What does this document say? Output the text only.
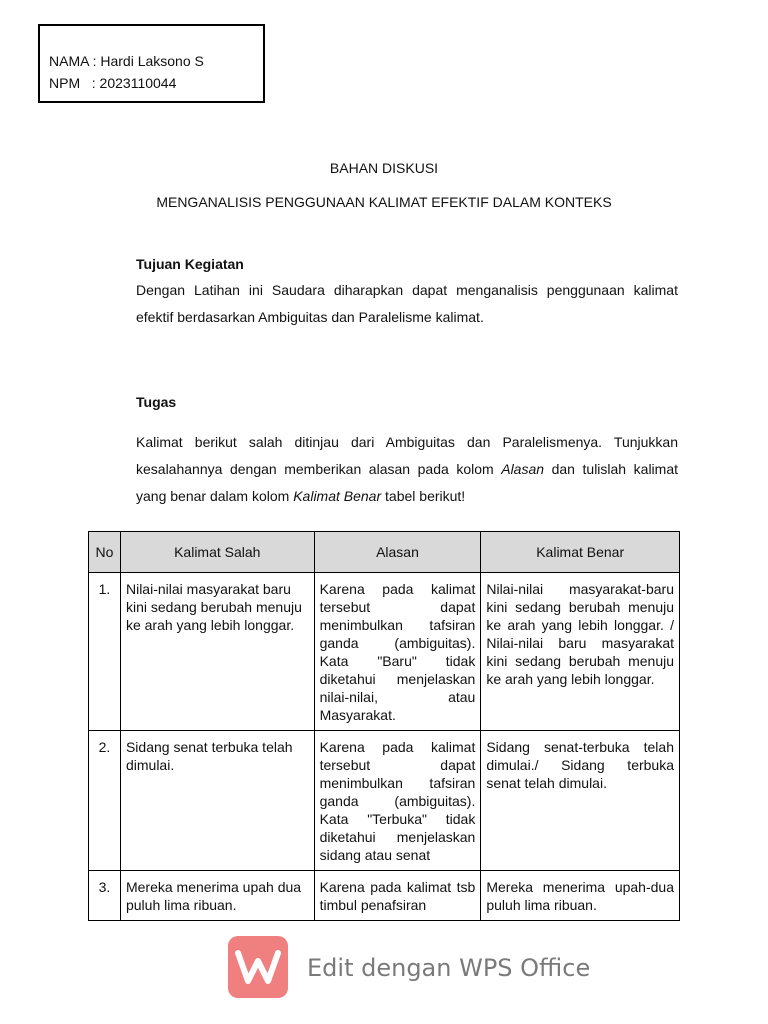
NAMA : Hardi Laksono S
NPM   : 2023110044
BAHAN DISKUSI
MENGANALISIS PENGGUNAAN KALIMAT EFEKTIF DALAM KONTEKS
Tujuan Kegiatan
Dengan Latihan ini Saudara diharapkan dapat menganalisis penggunaan kalimat efektif berdasarkan Ambiguitas dan Paralelisme kalimat.
Tugas
Kalimat berikut salah ditinjau dari Ambiguitas dan Paralelismenya. Tunjukkan kesalahannya dengan memberikan alasan pada kolom Alasan dan tulislah kalimat yang benar dalam kolom Kalimat Benar tabel berikut!
No	Kalimat Salah	Alasan	Kalimat Benar
1.	Nilai-nilai masyarakat baru kini sedang berubah menuju ke arah yang lebih longgar.	Karena pada kalimat tersebut dapat menimbulkan tafsiran ganda (ambiguitas). Kata "Baru" tidak diketahui menjelaskan nilai-nilai, atau Masyarakat.	Nilai-nilai masyarakat-baru kini sedang berubah menuju ke arah yang lebih longgar. / Nilai-nilai baru masyarakat kini sedang berubah menuju ke arah yang lebih longgar.
2.	Sidang senat terbuka telah dimulai.	Karena pada kalimat tersebut dapat menimbulkan tafsiran ganda (ambiguitas). Kata "Terbuka" tidak diketahui menjelaskan sidang atau senat	Sidang senat-terbuka telah dimulai./ Sidang terbuka senat telah dimulai.
3.	Mereka menerima upah dua puluh lima ribuan.	Karena pada kalimat tsb timbul penafsiran	Mereka menerima upah-dua puluh lima ribuan.
Edit dengan WPS Office
